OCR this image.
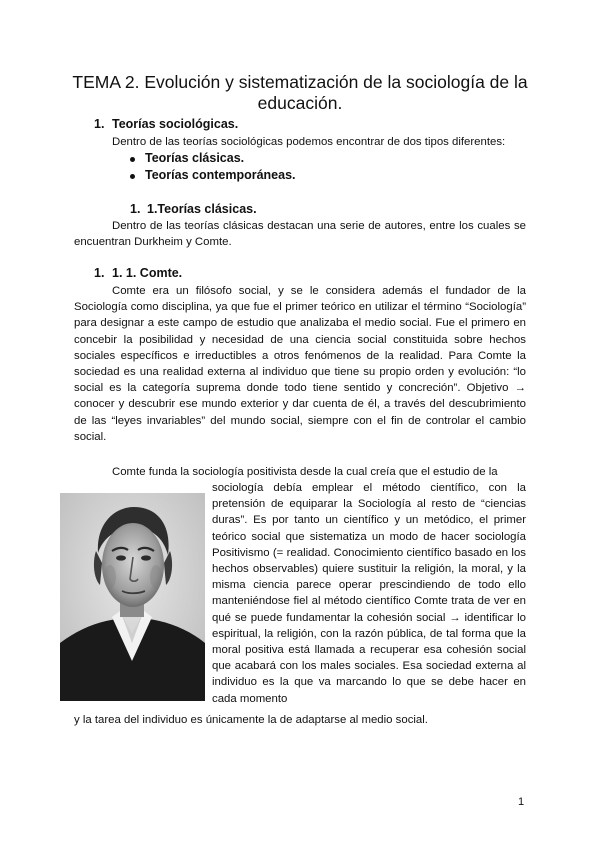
TEMA 2. Evolución y sistematización de la sociología de la
educación.
1. Teorías sociológicas.
Dentro de las teorías sociológicas podemos encontrar de dos tipos diferentes:
Teorías clásicas.
Teorías contemporáneas.
1. 1.Teorías clásicas.
Dentro de las teorías clásicas destacan una serie de autores, entre los cuales se encuentran Durkheim y Comte.
1. 1. 1. Comte.
Comte era un filósofo social, y se le considera además el fundador de la Sociología como disciplina, ya que fue el primer teórico en utilizar el término “Sociología” para designar a este campo de estudio que analizaba el medio social. Fue el primero en concebir la posibilidad y necesidad de una ciencia social constituida sobre hechos sociales específicos e irreductibles a otros fenómenos de la realidad. Para Comte la sociedad es una realidad externa al individuo que tiene su propio orden y evolución: “lo social es la categoría suprema donde todo tiene sentido y concreción”. Objetivo → conocer y descubrir ese mundo exterior y dar cuenta de él, a través del descubrimiento de las “leyes invariables” del mundo social, siempre con el fin de controlar el cambio social.
Comte funda la sociología positivista desde la cual creía que el estudio de la
sociología debía emplear el método científico, con la pretensión de equiparar la Sociología al resto de “ciencias duras”. Es por tanto un científico y un metódico, el primer teórico social que sistematiza un modo de hacer sociología Positivismo (= realidad. Conocimiento científico basado en los hechos observables) quiere sustituir la religión, la moral, y la misma ciencia parece operar prescindiendo de todo ello manteniéndose fiel al método científico Comte trata de ver en qué se puede fundamentar la cohesión social → identificar lo espiritual, la religión, con la razón pública, de tal forma que la moral positiva está llamada a recuperar esa cohesión social que acabará con los males sociales. Esa sociedad externa al individuo es la que va marcando lo que se debe hacer en cada momento
y la tarea del individuo es únicamente la de adaptarse al medio social.
1
